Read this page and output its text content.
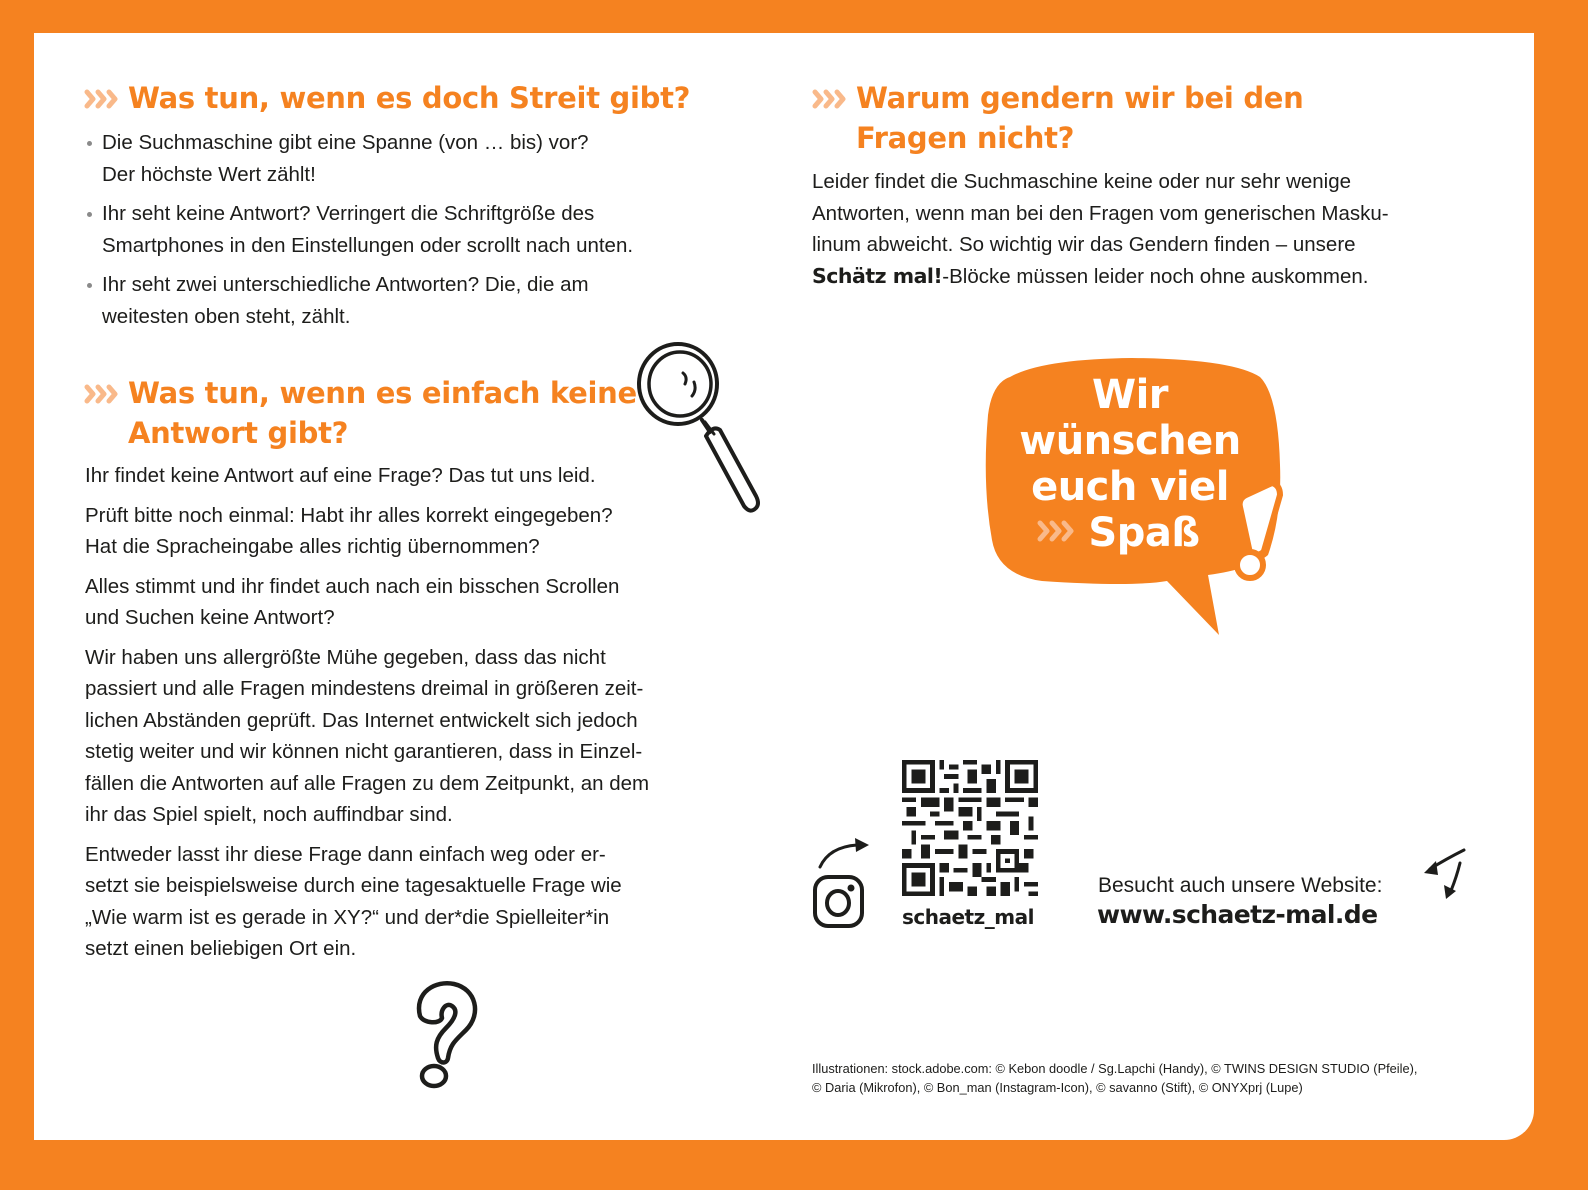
Was tun, wenn es doch Streit gibt?
Die Suchmaschine gibt eine Spanne (von … bis) vor?
Der höchste Wert zählt!
Ihr seht keine Antwort? Verringert die Schriftgröße des
Smartphones in den Einstellungen oder scrollt nach unten.
Ihr seht zwei unterschiedliche Antworten? Die, die am
weitesten oben steht, zählt.
Was tun, wenn es einfach keine
Antwort gibt?

Ihr findet keine Antwort auf eine Frage? Das tut uns leid.

Prüft bitte noch einmal: Habt ihr alles korrekt eingegeben?
Hat die Spracheingabe alles richtig übernommen?

Alles stimmt und ihr findet auch nach ein bisschen Scrollen
und Suchen keine Antwort?

Wir haben uns allergrößte Mühe gegeben, dass das nicht
passiert und alle Fragen mindestens dreimal in größeren zeit-
lichen Abständen geprüft. Das Internet entwickelt sich jedoch
stetig weiter und wir können nicht garantieren, dass in Einzel-
fällen die Antworten auf alle Fragen zu dem Zeitpunkt, an dem
ihr das Spiel spielt, noch auffindbar sind.

Entweder lasst ihr diese Frage dann einfach weg oder er-
setzt sie beispielsweise durch eine tagesaktuelle Frage wie
„Wie warm ist es gerade in XY?“ und der*die Spielleiter*in
setzt einen beliebigen Ort ein.

Warum gendern wir bei den
Fragen nicht?
Leider findet die Suchmaschine keine oder nur sehr wenige
Antworten, wenn man bei den Fragen vom generischen Masku-
linum abweicht. So wichtig wir das Gendern finden – unsere
Schätz mal!-Blöcke müssen leider noch ohne auskommen.
Wir
wünschen
euch viel
Spaß
schaetz_mal
Besucht auch unsere Website:
www.schaetz-mal.de
Illustrationen: stock.adobe.com: © Kebon doodle / Sg.Lapchi (Handy), © TWINS DESIGN STUDIO (Pfeile),
© Daria (Mikrofon), © Bon_man (Instagram-Icon), © savanno (Stift), © ONYXprj (Lupe)
